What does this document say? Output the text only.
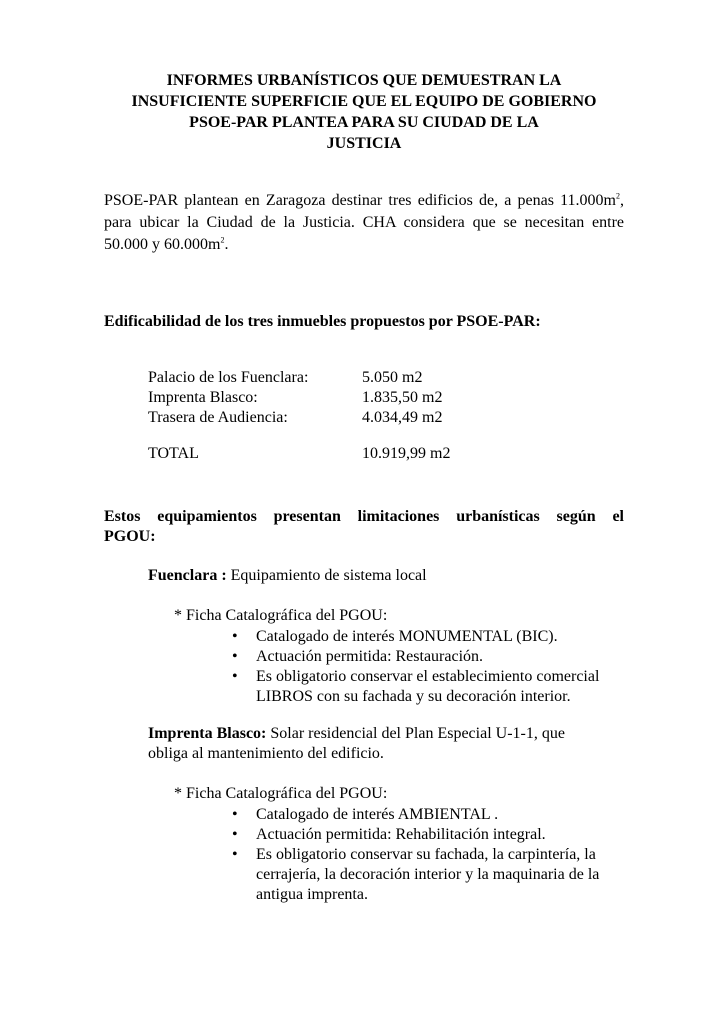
INFORMES URBANÍSTICOS QUE DEMUESTRAN LA
INSUFICIENTE SUPERFICIE QUE EL EQUIPO DE GOBIERNO
PSOE-PAR PLANTEA PARA SU CIUDAD DE LA
JUSTICIA

PSOE-PAR plantean en Zaragoza destinar tres edificios de, a penas $11.000m^2$, para ubicar la Ciudad de la Justicia. CHA considera que se necesitan entre 50.000 y $60.000m^2$.

Edificabilidad de los tres inmuebles propuestos por PSOE-PAR:
Palacio de los Fuenclara:	5.050 m2
Imprenta Blasco:	1.835,50 m2
Trasera de Audiencia:	4.034,49 m2
TOTAL	10.919,99 m2
Estos equipamientos presentan limitaciones urbanísticas según el
PGOU:
Fuenclara : Equipamiento de sistema local
* Ficha Catalográfica del PGOU:
•	Catalogado de interés MONUMENTAL (BIC).
•	Actuación permitida: Restauración.
•	Es obligatorio conservar el establecimiento comercial LIBROS con su fachada y su decoración interior.
Imprenta Blasco: Solar residencial del Plan Especial U-1-1, que obliga al mantenimiento del edificio.
* Ficha Catalográfica del PGOU:
•	Catalogado de interés AMBIENTAL .
•	Actuación permitida: Rehabilitación integral.
•	Es obligatorio conservar su fachada, la carpintería, la cerrajería, la decoración interior y la maquinaria de la antigua imprenta.
